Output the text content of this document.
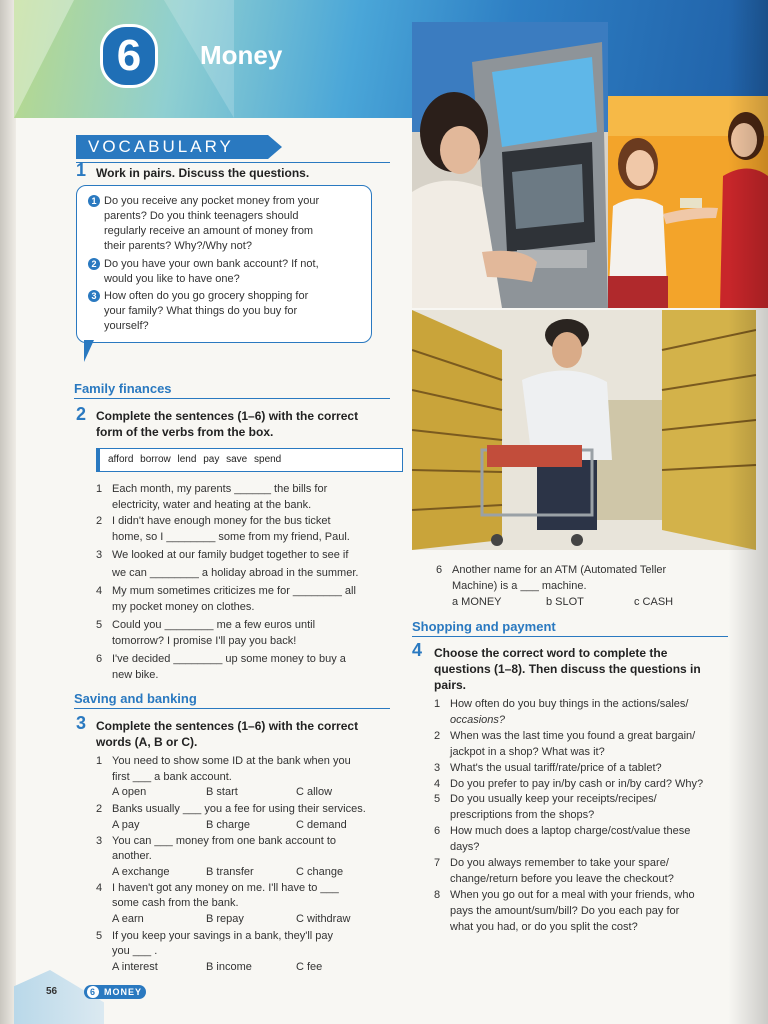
6	Money
VOCABULARY
1 Work in pairs. Discuss the questions.
1 Do you receive any pocket money from your
parents? Do you think teenagers should
regularly receive an amount of money from
their parents? Why?/Why not?
2 Do you have your own bank account? If not,
would you like to have one?
3 How often do you go grocery shopping for
your family? What things do you buy for
yourself?
Family finances
2 Complete the sentences (1–6) with the correct
form of the verbs from the box.
afford borrow lend pay save spend
1 Each month, my parents ______ the bills for
electricity, water and heating at the bank.
2 I didn't have enough money for the bus ticket
home, so I ________ some from my friend, Paul.
3 We looked at our family budget together to see if
we can ________ a holiday abroad in the summer.
4 My mum sometimes criticizes me for ________ all
my pocket money on clothes.
5 Could you ________ me a few euros until
tomorrow? I promise I'll pay you back!
6 I've decided ________ up some money to buy a
new bike.
Saving and banking
3 Complete the sentences (1–6) with the correct
words (A, B or C).
1 You need to show some ID at the bank when you
first ___ a bank account.
A open	B start	C allow
2 Banks usually ___ you a fee for using their services.
A pay	B charge	C demand
3 You can ___ money from one bank account to
another.
A exchange	B transfer	C change
4 I haven't got any money on me. I'll have to ___
some cash from the bank.
A earn	B repay	C withdraw
5 If you keep your savings in a bank, they'll pay
you ___ .
A interest	B income	C fee
6 Another name for an ATM (Automated Teller
Machine) is a ___ machine.
a MONEY	b SLOT	c CASH
Shopping and payment
4 Choose the correct word to complete the
questions (1–8). Then discuss the questions in
pairs.
1 How often do you buy things in the actions/sales/
occasions?
2 When was the last time you found a great bargain/
jackpot in a shop? What was it?
3 What's the usual tariff/rate/price of a tablet?
4 Do you prefer to pay in/by cash or in/by card? Why?
5 Do you usually keep your receipts/recipes/
prescriptions from the shops?
6 How much does a laptop charge/cost/value these
days?
7 Do you always remember to take your spare/
change/return before you leave the checkout?
8 When you go out for a meal with your friends, who
pays the amount/sum/bill? Do you each pay for
what you had, or do you split the cost?
56	6 MONEY
